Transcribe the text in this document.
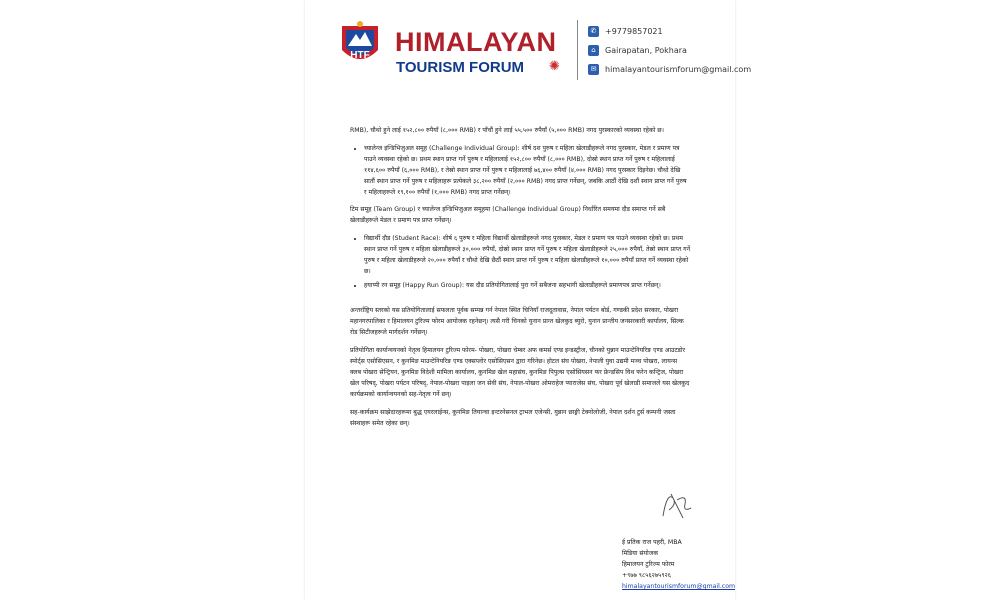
HTF HIMALAYAN
TOURISM FORUM ✺
✆ +9779857021
⌂ Gairapatan, Pokhara
✉ himalayantourismforum@gmail.com

RMB), चौथो हुने लाई १५२,८०० रुपैयाँ (८,००० RMB) र पाँचौं हुने लाई ५५,५०० रुपैयाँ (५,००० RMB) नगद पुरस्कारको व्यवस्था रहेको छ।

• च्यालेन्ज इन्डिभिजुअल समूह (Challenge Individual Group): शीर्ष दश पुरुष र महिला खेलाडीहरूले नगद पुरस्कार, मेडल र प्रमाण पत्र पाउने व्यवस्था रहेको छ। प्रथम स्थान प्राप्त गर्ने पुरुष र महिलालाई १५२,८०० रुपैयाँ (८,००० RMB), दोस्रो स्थान प्राप्त गर्ने पुरुष र महिलालाई ११४,६०० रुपैयाँ (६,००० RMB), र तेस्रो स्थान प्राप्त गर्ने पुरुष र महिलालाई ७६,४०० रुपैयाँ (४,००० RMB) नगद पुरस्कार दिइनेछ। चौथो देखि सातौं स्थान प्राप्त गर्ने पुरुष र महिलाहरू प्रत्येकले ३८,२०० रुपैयाँ (२,००० RMB) नगद प्राप्त गर्नेछन्, जबकि आठौं देखि दशौं स्थान प्राप्त गर्ने पुरुष र महिलाहरूले १९,१०० रुपैयाँ (१,००० RMB) नगद प्राप्त गर्नेछन्।

टिम समूह (Team Group) र च्यालेन्ज इन्डिभिजुअल समूहमा (Challenge Individual Group) निर्धारित समयमा दौड समाप्त गर्ने सबै खेलाडीहरूले मेडल र प्रमाण पत्र प्राप्त गर्नेछन्।

• विद्यार्थी दौड (Student Race): शीर्ष ६ पुरुष र महिला विद्यार्थी खेलाडीहरूले नगद पुरस्कार, मेडल र प्रमाण पत्र पाउने व्यवस्था रहेको छ। प्रथम स्थान प्राप्त गर्ने पुरुष र महिला खेलाडीहरूले ३०,००० रुपैयाँ, दोस्रो स्थान प्राप्त गर्ने पुरुष र महिला खेलाडीहरूले २५,००० रुपैयाँ, तेस्रो स्थान प्राप्त गर्ने पुरुष र महिला खेलाडीहरूले २०,००० रुपैयाँ र चौथो देखि छैठौं स्थान प्राप्त गर्ने पुरुष र महिला खेलाडीहरूले १०,००० रुपैयाँ प्राप्त गर्ने व्यवस्था रहेको छ।
• हयाप्पी रन समूह (Happy Run Group): यस दौड प्रतियोगितालाई पुरा गर्ने सबैजना सहभागी खेलाडीहरूले प्रमाणपत्र प्राप्त गर्नेछन्।

अन्तर्राष्ट्रिय स्तरको यस प्रतियोगितालाई सफलता पूर्वक सम्पन्न गर्न नेपाल स्थित चिनियाँ राजदूतावास, नेपाल पर्यटन बोर्ड, गण्डकी प्रदेश सरकार, पोखरा महानगरपालिका र हिमालयन टुरिज्म फोरम आयोजक रहनेछन्। त्यसै गरी चिनको युनान प्रान्त खेलकुद ब्युरो, युनान प्रान्तीय जनसरकारी कार्यालय, सिल्क रोड सिटीजहरूले मार्गदर्शन गर्नेछन्।

प्रतियोगिता कार्यान्वयनको नेतृत्व हिमालयन टुरिज्म फोरम- पोखरा, पोखरा चेम्बर अफ कमर्स एण्ड इन्डस्ट्रीज, चीनको युन्नान माउन्टेनियरिङ एण्ड आउटडोर स्पोर्ट्स एसोसिएसन, र कुनमिङ माउन्टेनियरिङ एण्ड एक्सप्लोर एसोसिएसन द्वारा गरिनेछ। होटल संघ पोखरा, नेपाली युवा उद्यमी मञ्च पोखरा, लायन्स क्लब पोखरा सेन्ट्रियन, कुनमिङ विदेशी मामिला कार्यालय, कुनमिङ खेल महासंघ, कुनमिङ पिपुल्स एसोसियसन फर फ्रेन्डसिप विथ फरेन कन्ट्रिज, पोखरा खेल परिषद्, पोखरा पर्यटन परिषद्, नेपाल-पोखरा पाइला जन सेवी संघ, नेपाल-पोखरा ओमराहेज प्याराजेस संघ, पोखरा पूर्व खेलाडी समाजले यस खेलकुद कार्यक्रमको कार्यान्वयनको सह-नेतृत्व गर्ने छन्।

सह-कार्यक्रम साझेदारहरूमा बुद्ध एयरलाईन्स, कुनमिङ तियान्चा इन्टरनेसनल ट्राभल एजेन्सी, युन्नान छाङ्गी टेक्नोलोजी, नेपाल दर्शन टुर्स कम्पनी जस्ता संस्थाहरू समेत रहेका छन्।

ई प्रतिक राज पहरी, MBA
मिडिया संयोजक
हिमालयन टुरिज्म फोरम
+९७७ ९८५६२७५९२६
himalayantourismforum@gmail.com
